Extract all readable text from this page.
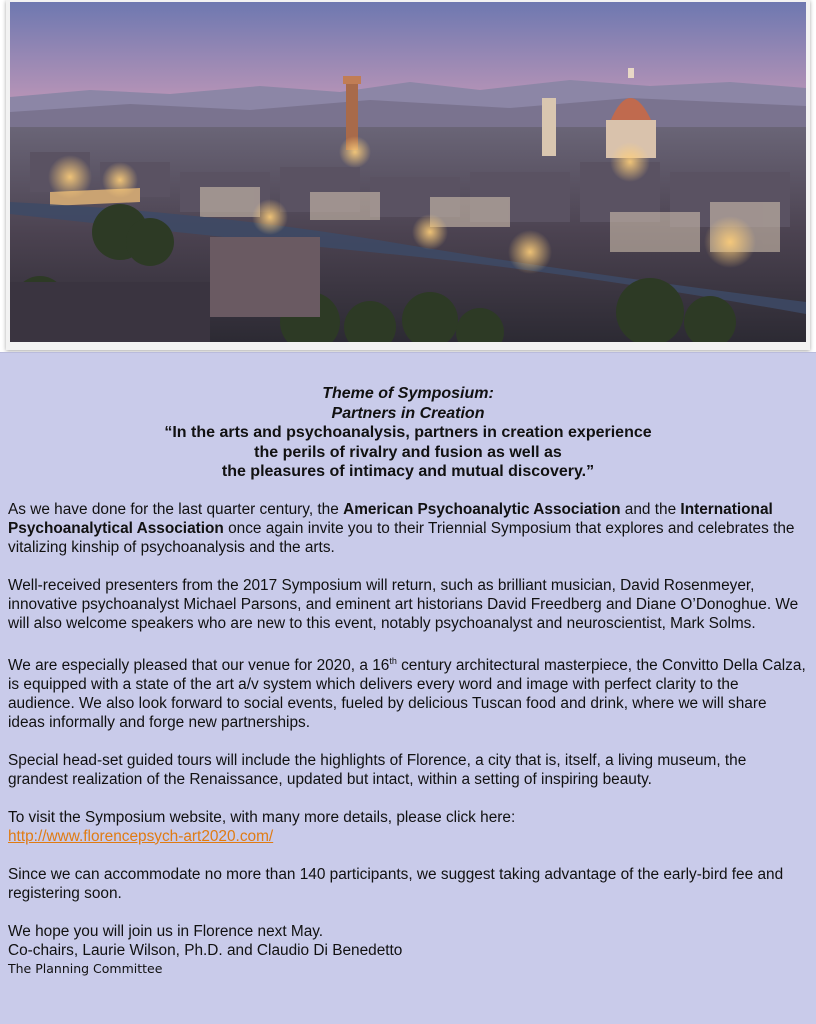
Theme of Symposium:
Partners in Creation
“In the arts and psychoanalysis, partners in creation experience
the perils of rivalry and fusion as well as
the pleasures of intimacy and mutual discovery.”

As we have done for the last quarter century, the American Psychoanalytic Association and the International Psychoanalytical Association once again invite you to their Triennial Symposium that explores and celebrates the vitalizing kinship of psychoanalysis and the arts.

Well-received presenters from the 2017 Symposium will return, such as brilliant musician, David Rosenmeyer, innovative psychoanalyst Michael Parsons, and eminent art historians David Freedberg and Diane O’Donoghue. We will also welcome speakers who are new to this event, notably psychoanalyst and neuroscientist, Mark Solms.

We are especially pleased that our venue for 2020, a 16th century architectural masterpiece, the Convitto Della Calza, is equipped with a state of the art a/v system which delivers every word and image with perfect clarity to the audience. We also look forward to social events, fueled by delicious Tuscan food and drink, where we will share ideas informally and forge new partnerships.

Special head-set guided tours will include the highlights of Florence, a city that is, itself, a living museum, the grandest realization of the Renaissance, updated but intact, within a setting of inspiring beauty.

To visit the Symposium website, with many more details, please click here:
http://www.florencepsych-art2020.com/

Since we can accommodate no more than 140 participants, we suggest taking advantage of the early-bird fee and registering soon.

We hope you will join us in Florence next May.

Co-chairs, Laurie Wilson, Ph.D. and Claudio Di Benedetto

The Planning Committee
